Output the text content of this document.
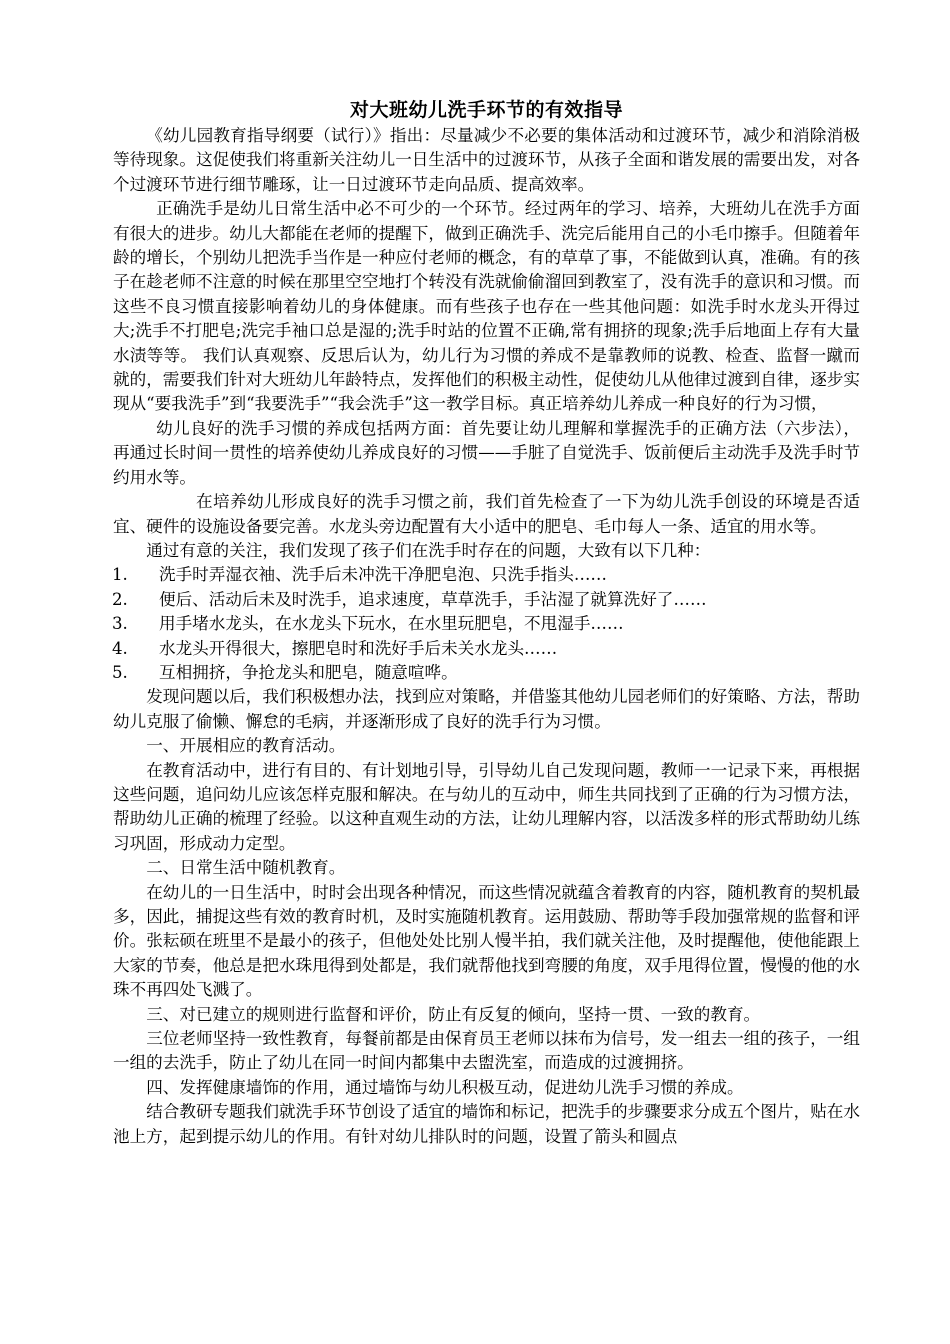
对大班幼儿洗手环节的有效指导

《幼儿园教育指导纲要（试行）》指出：尽量减少不必要的集体活动和过渡环节，减少和消除消极等待现象。这促使我们将重新关注幼儿一日生活中的过渡环节，从孩子全面和谐发展的需要出发，对各个过渡环节进行细节雕琢，让一日过渡环节走向品质、提高效率。

正确洗手是幼儿日常生活中必不可少的一个环节。经过两年的学习、培养，大班幼儿在洗手方面有很大的进步。幼儿大都能在老师的提醒下，做到正确洗手、洗完后能用自己的小毛巾擦手。但随着年龄的增长，个别幼儿把洗手当作是一种应付老师的概念，有的草草了事，不能做到认真，准确。有的孩子在趁老师不注意的时候在那里空空地打个转没有洗就偷偷溜回到教室了，没有洗手的意识和习惯。而这些不良习惯直接影响着幼儿的身体健康。而有些孩子也存在一些其他问题：如洗手时水龙头开得过大;洗手不打肥皂;洗完手袖口总是湿的;洗手时站的位置不正确,常有拥挤的现象;洗手后地面上存有大量水渍等等。 我们认真观察、反思后认为，幼儿行为习惯的养成不是靠教师的说教、检查、监督一蹴而就的，需要我们针对大班幼儿年龄特点，发挥他们的积极主动性，促使幼儿从他律过渡到自律，逐步实现从“要我洗手”到“我要洗手”“我会洗手”这一教学目标。真正培养幼儿养成一种良好的行为习惯，

幼儿良好的洗手习惯的养成包括两方面：首先要让幼儿理解和掌握洗手的正确方法（六步法），再通过长时间一贯性的培养使幼儿养成良好的习惯——手脏了自觉洗手、饭前便后主动洗手及洗手时节约用水等。

在培养幼儿形成良好的洗手习惯之前，我们首先检查了一下为幼儿洗手创设的环境是否适宜、硬件的设施设备要完善。水龙头旁边配置有大小适中的肥皂、毛巾每人一条、适宜的用水等。

通过有意的关注，我们发现了孩子们在洗手时存在的问题，大致有以下几种：

1.	洗手时弄湿衣袖、洗手后未冲洗干净肥皂泡、只洗手指头……
2.	便后、活动后未及时洗手，追求速度，草草洗手，手沾湿了就算洗好了……
3.	用手堵水龙头，在水龙头下玩水，在水里玩肥皂，不甩湿手……
4.	水龙头开得很大，擦肥皂时和洗好手后未关水龙头……
5.	互相拥挤，争抢龙头和肥皂，随意喧哗。

发现问题以后，我们积极想办法，找到应对策略，并借鉴其他幼儿园老师们的好策略、方法，帮助幼儿克服了偷懒、懈怠的毛病，并逐渐形成了良好的洗手行为习惯。

一、开展相应的教育活动。

在教育活动中，进行有目的、有计划地引导，引导幼儿自己发现问题，教师一一记录下来，再根据这些问题，追问幼儿应该怎样克服和解决。在与幼儿的互动中，师生共同找到了正确的行为习惯方法，帮助幼儿正确的梳理了经验。以这种直观生动的方法，让幼儿理解内容，以活泼多样的形式帮助幼儿练习巩固，形成动力定型。

二、日常生活中随机教育。

在幼儿的一日生活中，时时会出现各种情况，而这些情况就蕴含着教育的内容，随机教育的契机最多，因此，捕捉这些有效的教育时机，及时实施随机教育。运用鼓励、帮助等手段加强常规的监督和评价。张耘硕在班里不是最小的孩子，但他处处比别人慢半拍，我们就关注他，及时提醒他，使他能跟上大家的节奏，他总是把水珠甩得到处都是，我们就帮他找到弯腰的角度，双手甩得位置，慢慢的他的水珠不再四处飞溅了。

三、对已建立的规则进行监督和评价，防止有反复的倾向，坚持一贯、一致的教育。

三位老师坚持一致性教育，每餐前都是由保育员王老师以抹布为信号，发一组去一组的孩子，一组一组的去洗手，防止了幼儿在同一时间内都集中去盥洗室，而造成的过渡拥挤。

四、发挥健康墙饰的作用，通过墙饰与幼儿积极互动，促进幼儿洗手习惯的养成。

结合教研专题我们就洗手环节创设了适宜的墙饰和标记，把洗手的步骤要求分成五个图片，贴在水池上方，起到提示幼儿的作用。有针对幼儿排队时的问题，设置了箭头和圆点
